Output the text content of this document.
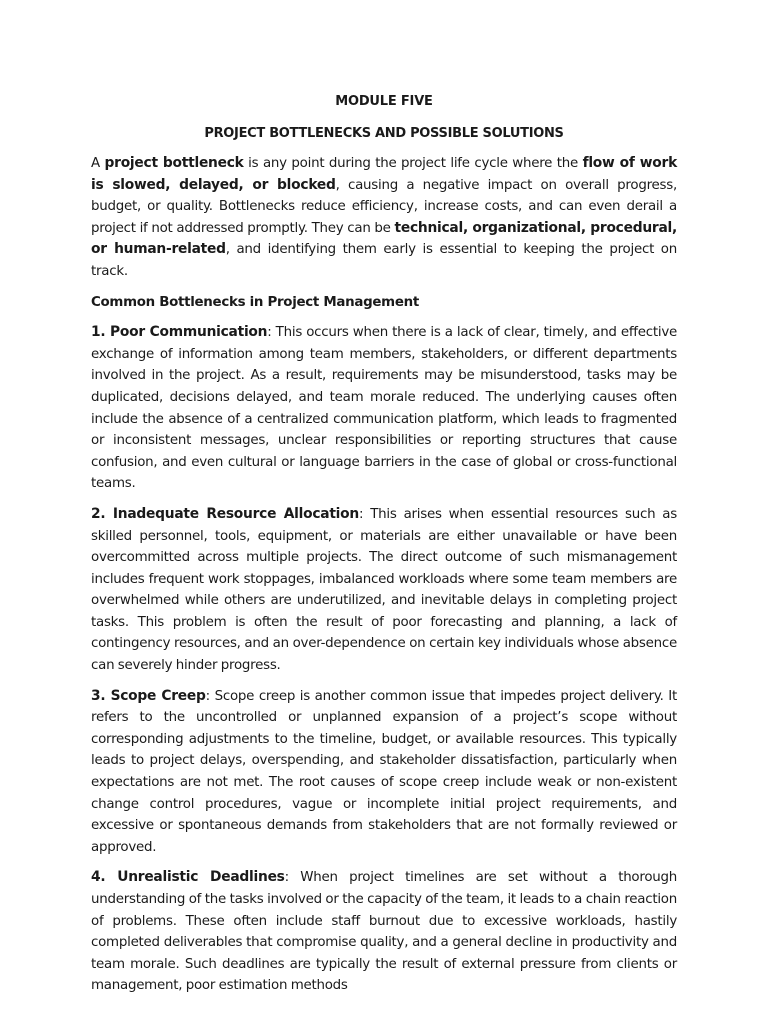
MODULE FIVE
PROJECT BOTTLENECKS AND POSSIBLE SOLUTIONS

A project bottleneck is any point during the project life cycle where the flow of work is slowed, delayed, or blocked, causing a negative impact on overall progress, budget, or quality. Bottlenecks reduce efficiency, increase costs, and can even derail a project if not addressed promptly. They can be technical, organizational, procedural, or human-related, and identifying them early is essential to keeping the project on track.

Common Bottlenecks in Project Management

1. Poor Communication: This occurs when there is a lack of clear, timely, and effective exchange of information among team members, stakeholders, or different departments involved in the project. As a result, requirements may be misunderstood, tasks may be duplicated, decisions delayed, and team morale reduced. The underlying causes often include the absence of a centralized communication platform, which leads to fragmented or inconsistent messages, unclear responsibilities or reporting structures that cause confusion, and even cultural or language barriers in the case of global or cross-functional teams.

2. Inadequate Resource Allocation: This arises when essential resources such as skilled personnel, tools, equipment, or materials are either unavailable or have been overcommitted across multiple projects. The direct outcome of such mismanagement includes frequent work stoppages, imbalanced workloads where some team members are overwhelmed while others are underutilized, and inevitable delays in completing project tasks. This problem is often the result of poor forecasting and planning, a lack of contingency resources, and an over-dependence on certain key individuals whose absence can severely hinder progress.

3. Scope Creep: Scope creep is another common issue that impedes project delivery. It refers to the uncontrolled or unplanned expansion of a project’s scope without corresponding adjustments to the timeline, budget, or available resources. This typically leads to project delays, overspending, and stakeholder dissatisfaction, particularly when expectations are not met. The root causes of scope creep include weak or non-existent change control procedures, vague or incomplete initial project requirements, and excessive or spontaneous demands from stakeholders that are not formally reviewed or approved.

4. Unrealistic Deadlines: When project timelines are set without a thorough understanding of the tasks involved or the capacity of the team, it leads to a chain reaction of problems. These often include staff burnout due to excessive workloads, hastily completed deliverables that compromise quality, and a general decline in productivity and team morale. Such deadlines are typically the result of external pressure from clients or management, poor estimation methods
